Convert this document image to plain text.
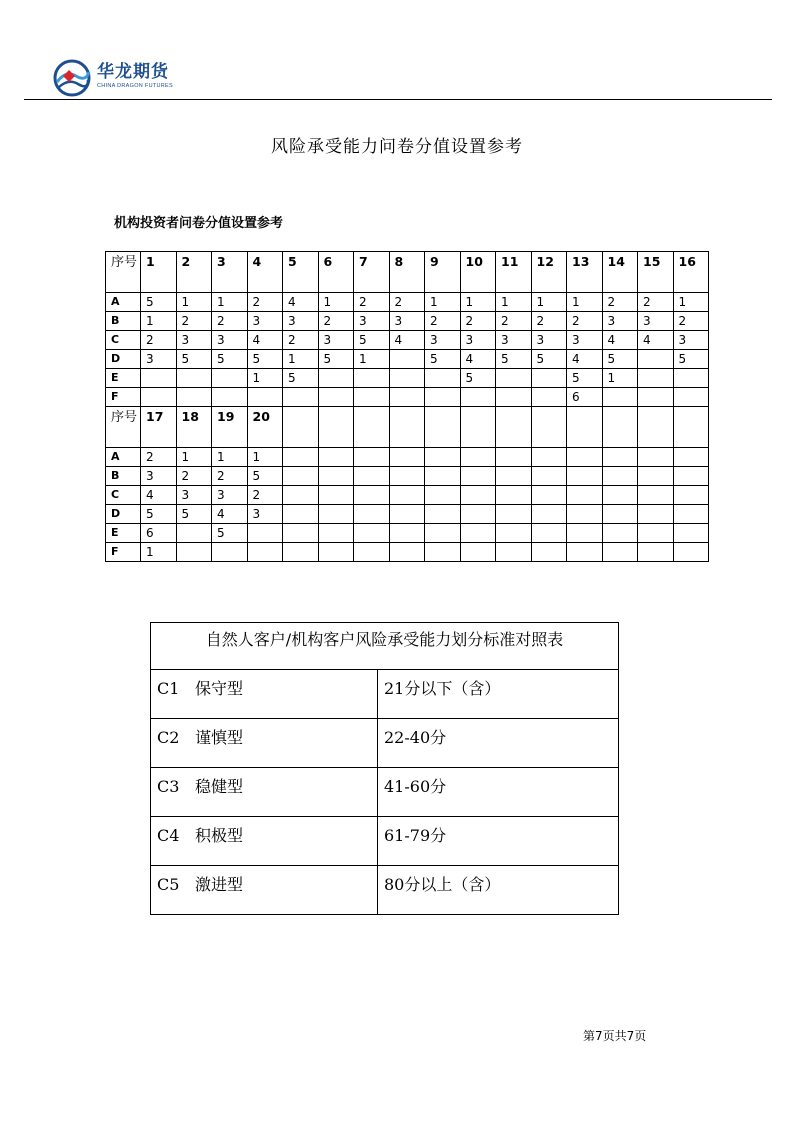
华龙期货
CHINA DRAGON FUTURES
风险承受能力问卷分值设置参考
机构投资者问卷分值设置参考
序号	1	2	3	4	5	6	7	8	9	10	11	12	13	14	15	16
A	5	1	1	2	4	1	2	2	1	1	1	1	1	2	2	1
B	1	2	2	3	3	2	3	3	2	2	2	2	2	3	3	2
C	2	3	3	4	2	3	5	4	3	3	3	3	3	4	4	3
D	3	5	5	5	1	5	1		5	4	5	5	4	5		5
E				1	5					5			5	1		
F													6			
序号	17	18	19	20												
A	2	1	1	1												
B	3	2	2	5												
C	4	3	3	2												
D	5	5	4	3												
E	6		5													
F	1															
自然人客户/机构客户风险承受能力划分标准对照表	
C1 保守型	21分以下（含）
C2 谨慎型	22-40分
C3 稳健型	41-60分
C4 积极型	61-79分
C5 激进型	80分以上（含）
第7页共7页
